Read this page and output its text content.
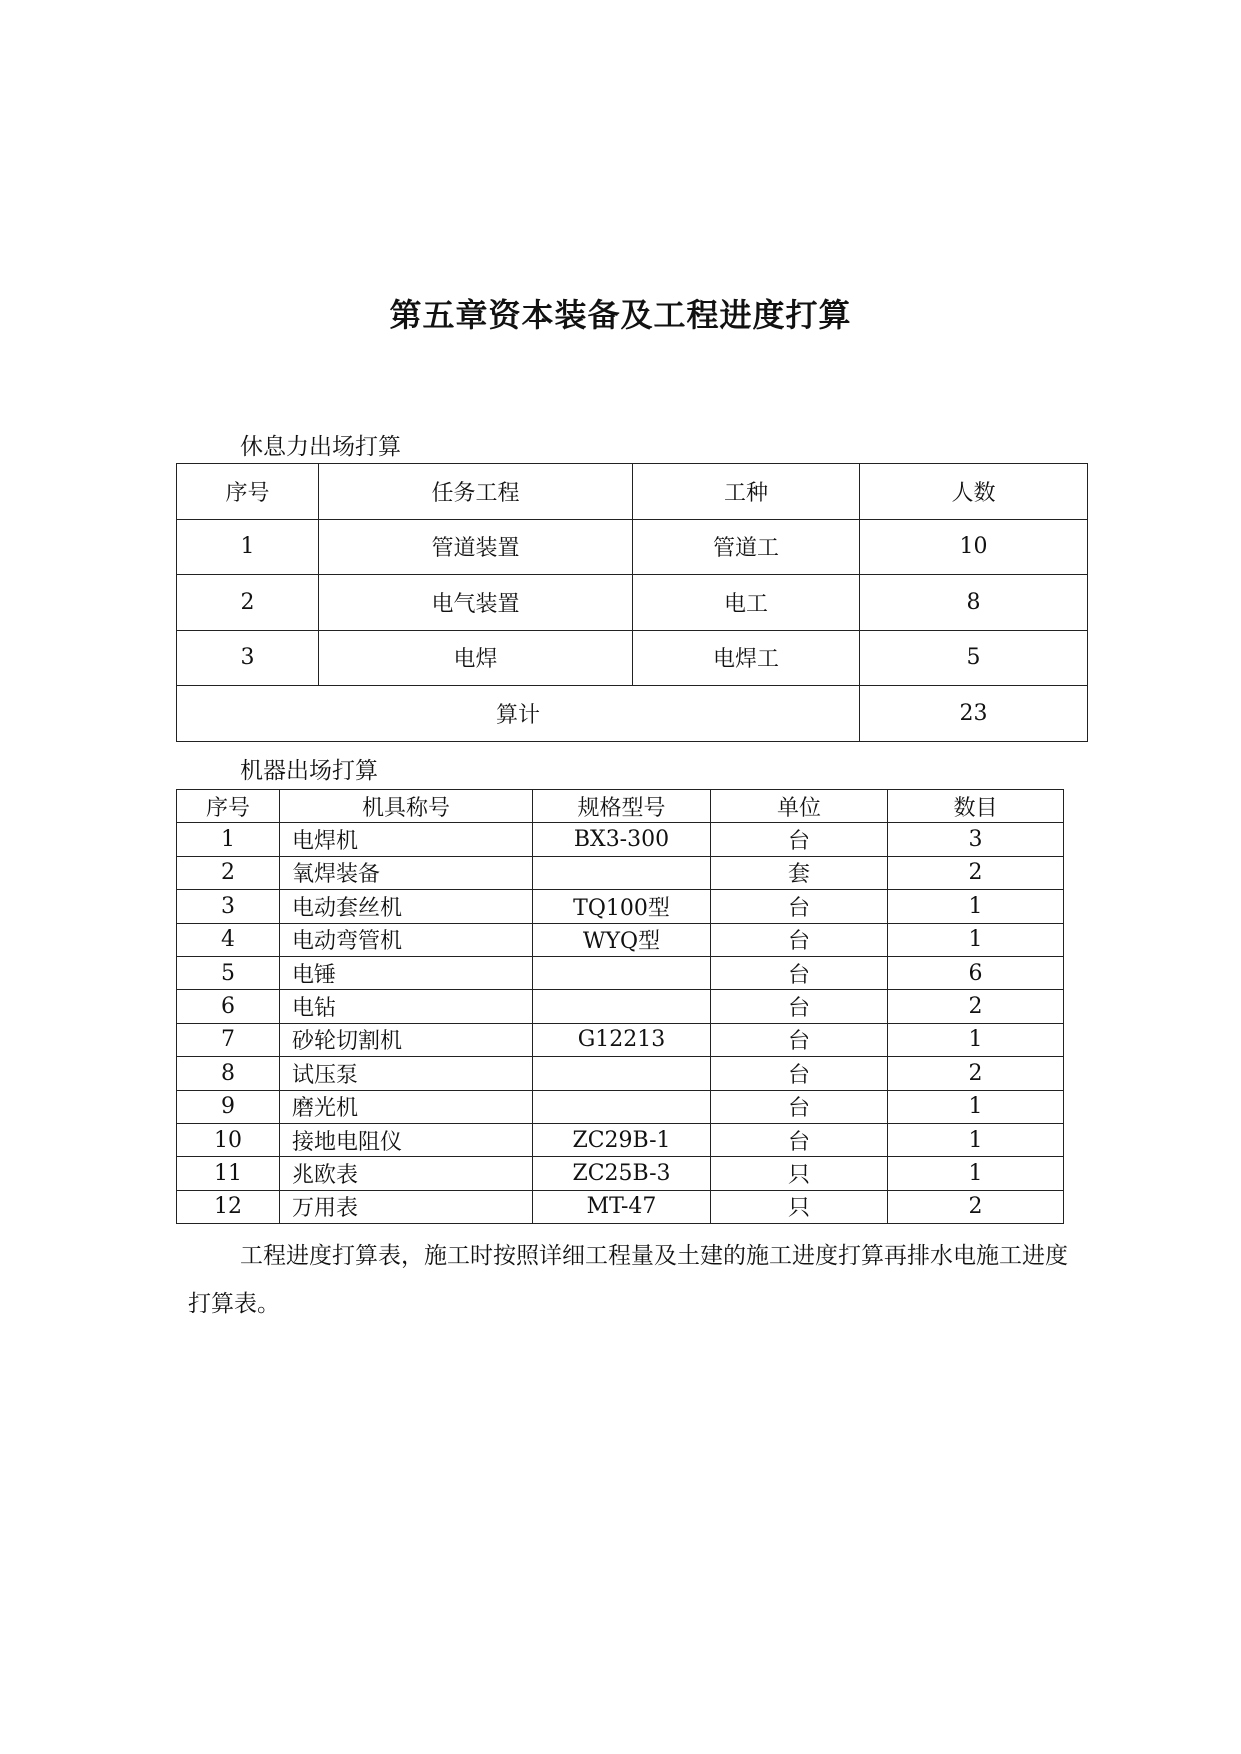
第五章资本装备及工程进度打算

休息力出场打算

序号	任务工程	工种	人数
1	管道装置	管道工	10
2	电气装置	电工	8
3	电焊	电焊工	5
算计			23

机器出场打算

序号	机具称号	规格型号	单位	数目
1	电焊机	BX3-300	台	3
2	氧焊装备		套	2
3	电动套丝机	TQ100型	台	1
4	电动弯管机	WYQ型	台	1
5	电锤		台	6
6	电钻		台	2
7	砂轮切割机	G12213	台	1
8	试压泵		台	2
9	磨光机		台	1
10	接地电阻仪	ZC29B-1	台	1
11	兆欧表	ZC25B-3	只	1
12	万用表	MT-47	只	2

工程进度打算表，施工时按照详细工程量及土建的施工进度打算再排水电施工进度打算表。
